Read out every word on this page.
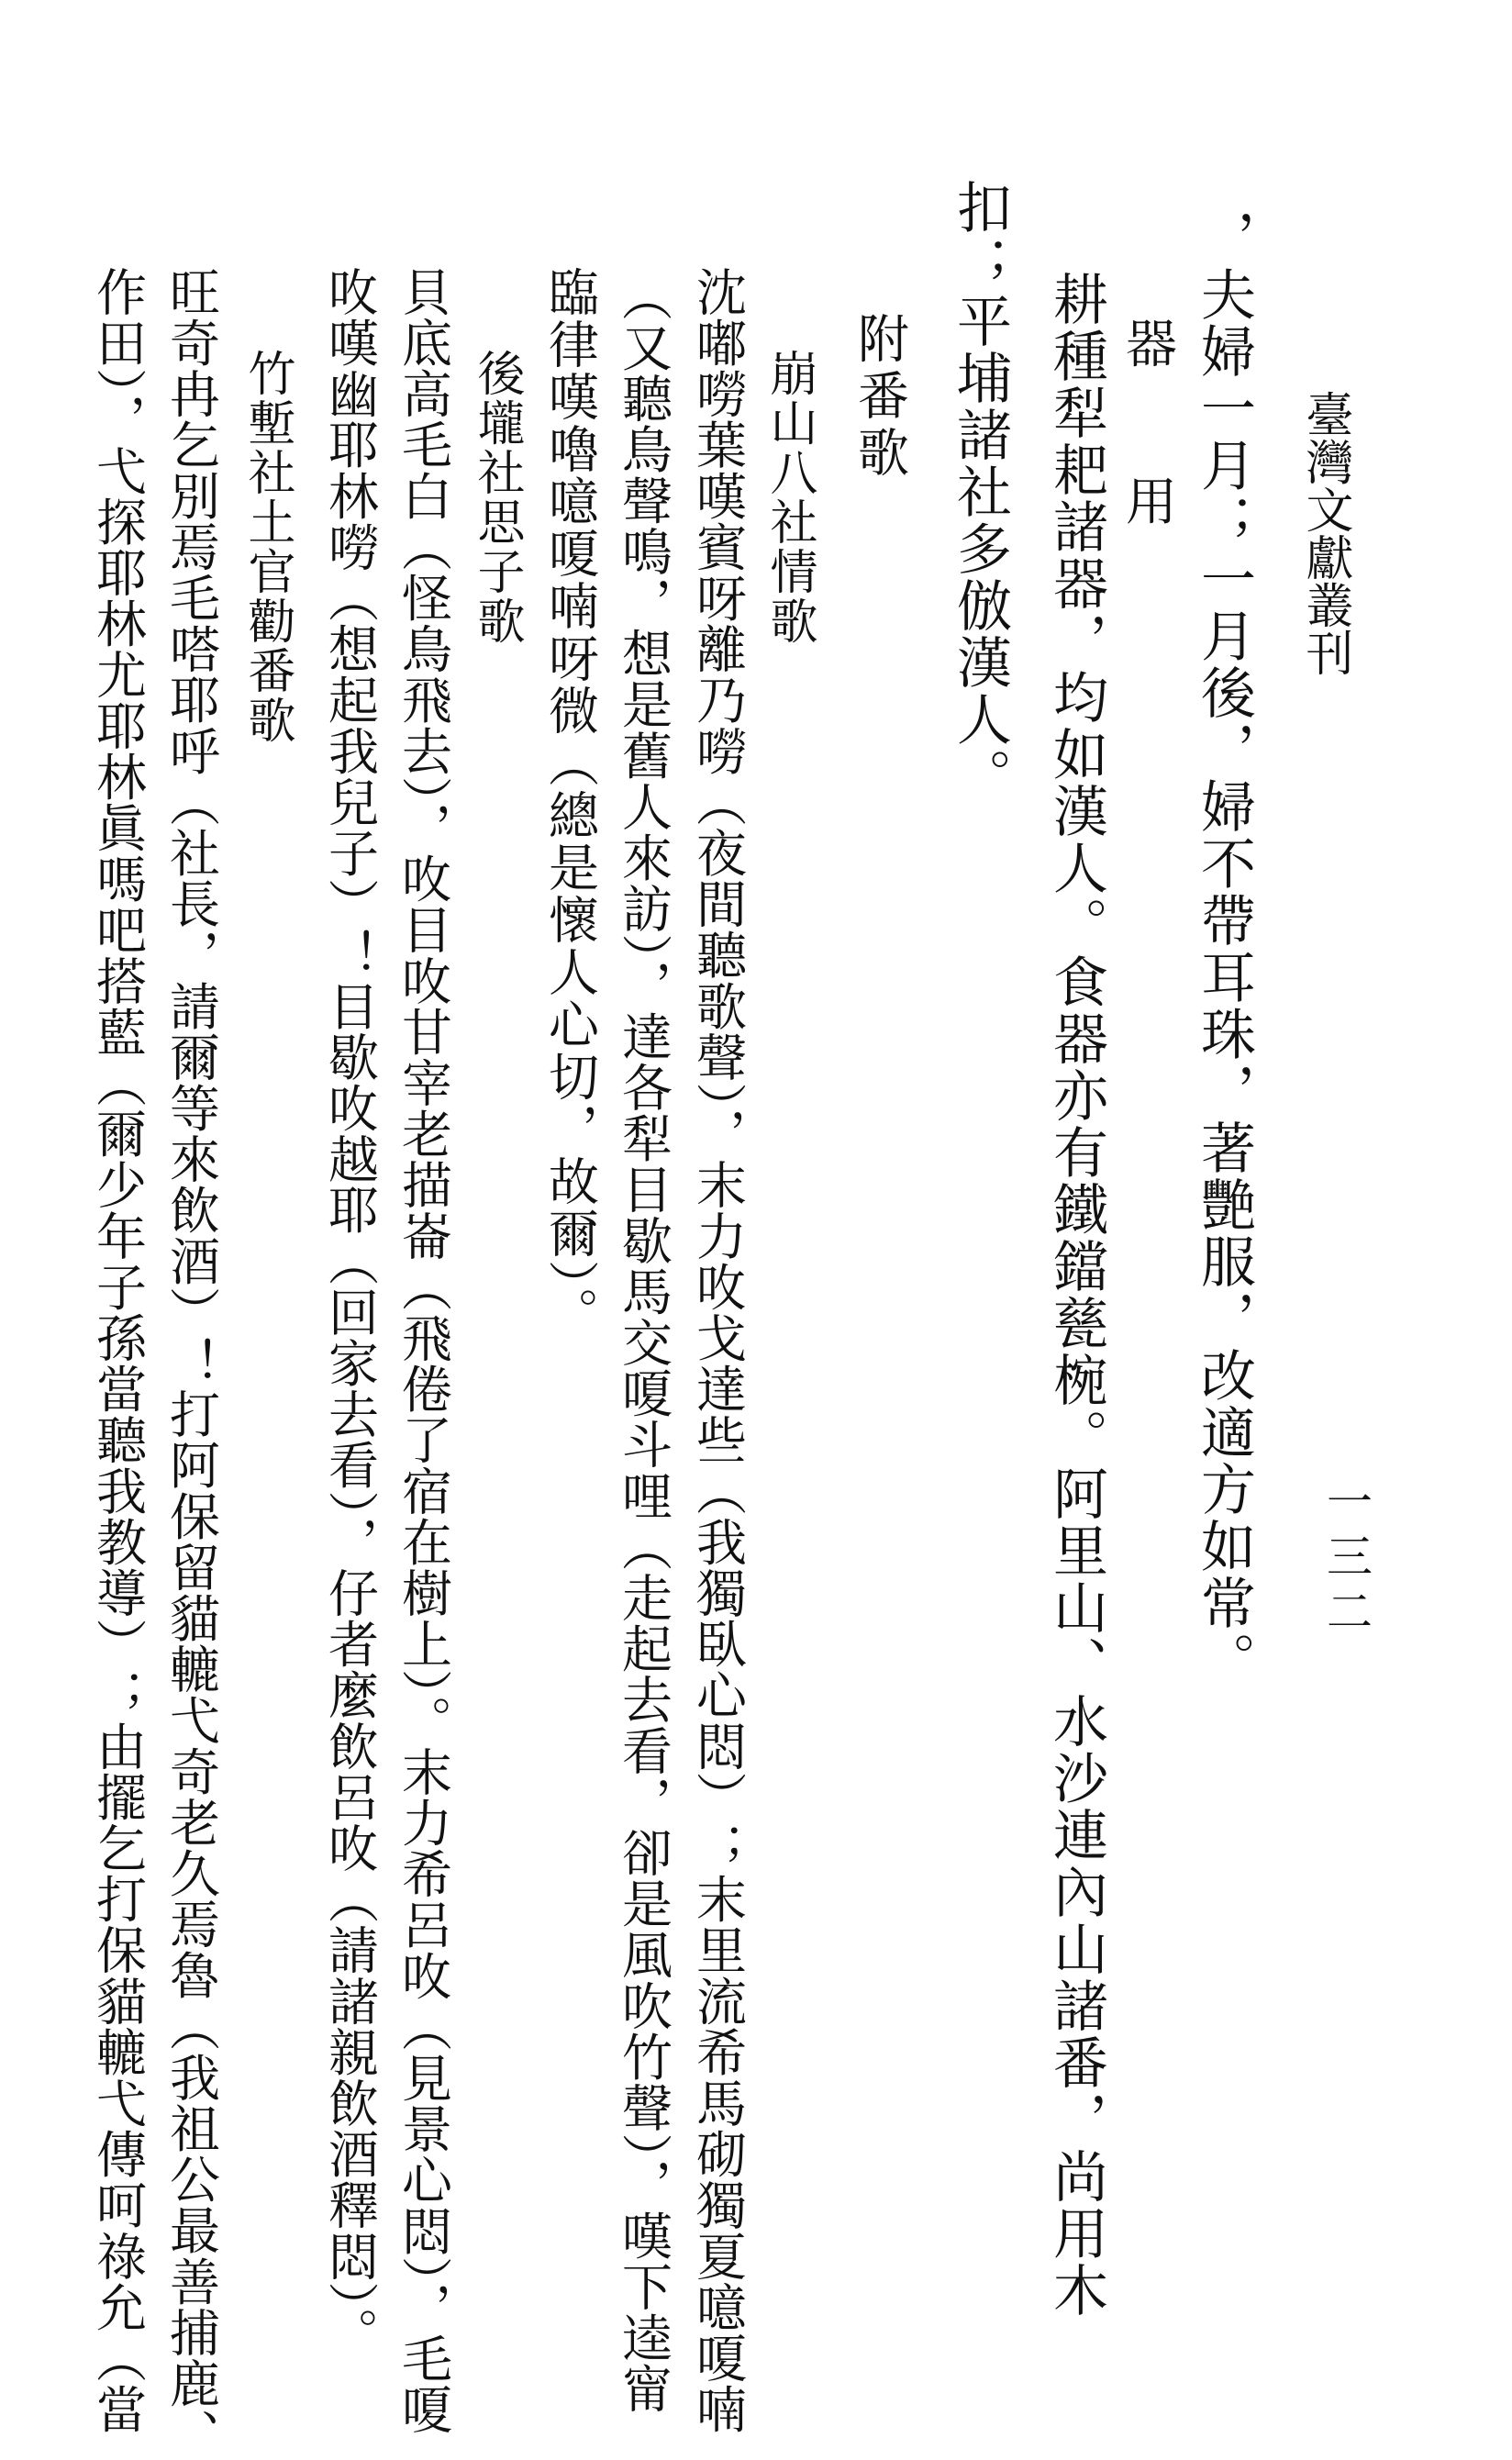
臺灣文獻叢刊
一三二
，夫婦一月；一月後，婦不帶耳珠，著艷服，改適方如常。
器　用
耕種犁耙諸器，均如漢人。食器亦有鐵鐺甆椀。阿里山、水沙連內山諸番，尚用木
扣；平埔諸社多倣漢人。
附番歌
崩山八社情歌
沈嘟嘮葉嘆賓呀離乃嘮（夜間聽歌聲），末力呚戈達些（我獨臥心悶）；末里流希馬砌獨夏噫嗄喃
（又聽鳥聲鳴，想是舊人來訪），達各犁目歇馬交嗄斗哩（走起去看，卻是風吹竹聲），嘆下逵甯
臨律嘆嚕噫嗄喃呀微（總是懷人心切，故爾）。
後壠社思子歌
貝底高毛白（怪鳥飛去），呚目呚甘宰老描崙（飛倦了宿在樹上）。末力希呂呚（見景心悶），毛嗄
呚嘆幽耶林嘮（想起我兒子）！目歇呚越耶（回家去看），仔者麼飲呂呚（請諸親飲酒釋悶）。
竹塹社土官勸番歌
旺奇冉乞別焉毛嗒耶呼（社長，請爾等來飲酒）！打阿保留貓轆弋奇老久焉魯（我祖公最善捕鹿、
作田），弋探耶林尤耶林眞嗎吧搭藍（爾少年子孫當聽我教導）；由擺乞打保貓轆弋傳呵祿允（當
